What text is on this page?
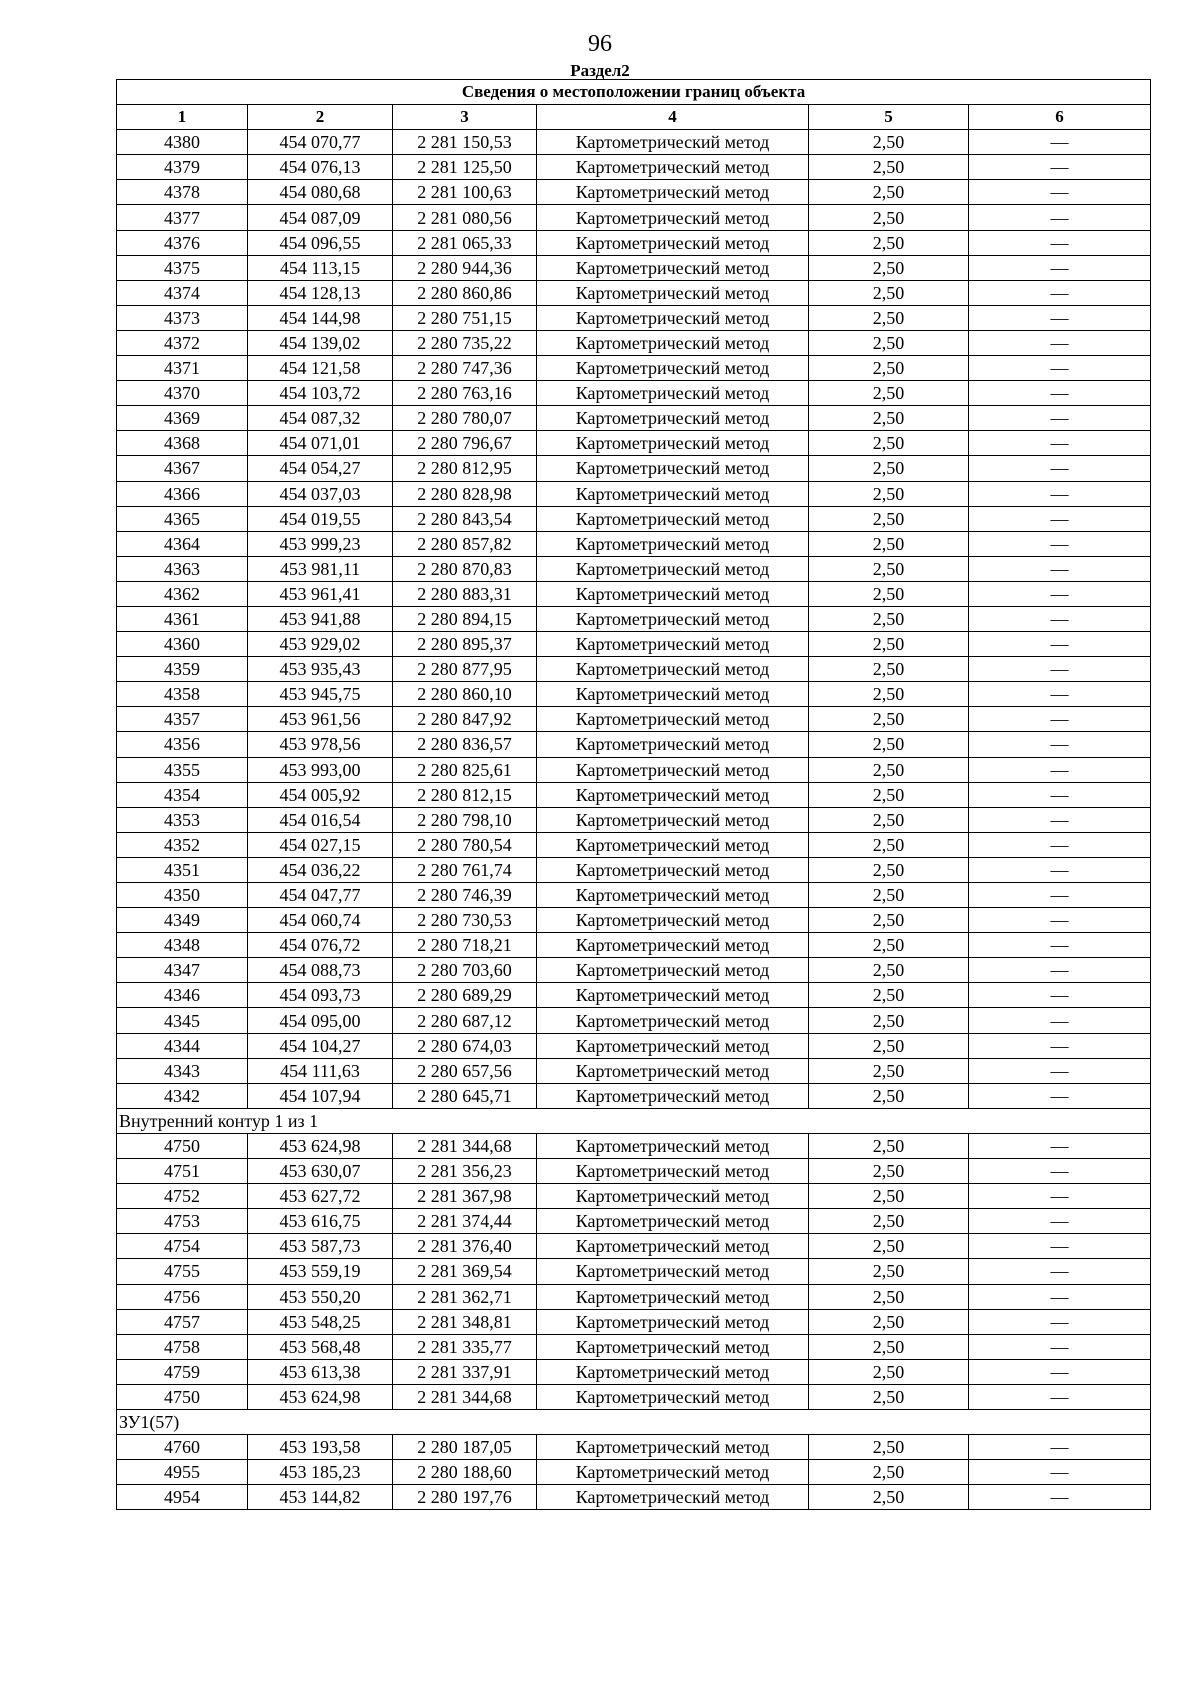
96
Раздел2
Сведения о местоположении границ объекта					
1	2	3	4	5	6
4380	454 070,77	2 281 150,53	Картометрический метод	2,50	—
4379	454 076,13	2 281 125,50	Картометрический метод	2,50	—
4378	454 080,68	2 281 100,63	Картометрический метод	2,50	—
4377	454 087,09	2 281 080,56	Картометрический метод	2,50	—
4376	454 096,55	2 281 065,33	Картометрический метод	2,50	—
4375	454 113,15	2 280 944,36	Картометрический метод	2,50	—
4374	454 128,13	2 280 860,86	Картометрический метод	2,50	—
4373	454 144,98	2 280 751,15	Картометрический метод	2,50	—
4372	454 139,02	2 280 735,22	Картометрический метод	2,50	—
4371	454 121,58	2 280 747,36	Картометрический метод	2,50	—
4370	454 103,72	2 280 763,16	Картометрический метод	2,50	—
4369	454 087,32	2 280 780,07	Картометрический метод	2,50	—
4368	454 071,01	2 280 796,67	Картометрический метод	2,50	—
4367	454 054,27	2 280 812,95	Картометрический метод	2,50	—
4366	454 037,03	2 280 828,98	Картометрический метод	2,50	—
4365	454 019,55	2 280 843,54	Картометрический метод	2,50	—
4364	453 999,23	2 280 857,82	Картометрический метод	2,50	—
4363	453 981,11	2 280 870,83	Картометрический метод	2,50	—
4362	453 961,41	2 280 883,31	Картометрический метод	2,50	—
4361	453 941,88	2 280 894,15	Картометрический метод	2,50	—
4360	453 929,02	2 280 895,37	Картометрический метод	2,50	—
4359	453 935,43	2 280 877,95	Картометрический метод	2,50	—
4358	453 945,75	2 280 860,10	Картометрический метод	2,50	—
4357	453 961,56	2 280 847,92	Картометрический метод	2,50	—
4356	453 978,56	2 280 836,57	Картометрический метод	2,50	—
4355	453 993,00	2 280 825,61	Картометрический метод	2,50	—
4354	454 005,92	2 280 812,15	Картометрический метод	2,50	—
4353	454 016,54	2 280 798,10	Картометрический метод	2,50	—
4352	454 027,15	2 280 780,54	Картометрический метод	2,50	—
4351	454 036,22	2 280 761,74	Картометрический метод	2,50	—
4350	454 047,77	2 280 746,39	Картометрический метод	2,50	—
4349	454 060,74	2 280 730,53	Картометрический метод	2,50	—
4348	454 076,72	2 280 718,21	Картометрический метод	2,50	—
4347	454 088,73	2 280 703,60	Картометрический метод	2,50	—
4346	454 093,73	2 280 689,29	Картометрический метод	2,50	—
4345	454 095,00	2 280 687,12	Картометрический метод	2,50	—
4344	454 104,27	2 280 674,03	Картометрический метод	2,50	—
4343	454 111,63	2 280 657,56	Картометрический метод	2,50	—
4342	454 107,94	2 280 645,71	Картометрический метод	2,50	—
Внутренний контур 1 из 1					
4750	453 624,98	2 281 344,68	Картометрический метод	2,50	—
4751	453 630,07	2 281 356,23	Картометрический метод	2,50	—
4752	453 627,72	2 281 367,98	Картометрический метод	2,50	—
4753	453 616,75	2 281 374,44	Картометрический метод	2,50	—
4754	453 587,73	2 281 376,40	Картометрический метод	2,50	—
4755	453 559,19	2 281 369,54	Картометрический метод	2,50	—
4756	453 550,20	2 281 362,71	Картометрический метод	2,50	—
4757	453 548,25	2 281 348,81	Картометрический метод	2,50	—
4758	453 568,48	2 281 335,77	Картометрический метод	2,50	—
4759	453 613,38	2 281 337,91	Картометрический метод	2,50	—
4750	453 624,98	2 281 344,68	Картометрический метод	2,50	—
ЗУ1(57)					
4760	453 193,58	2 280 187,05	Картометрический метод	2,50	—
4955	453 185,23	2 280 188,60	Картометрический метод	2,50	—
4954	453 144,82	2 280 197,76	Картометрический метод	2,50	—
